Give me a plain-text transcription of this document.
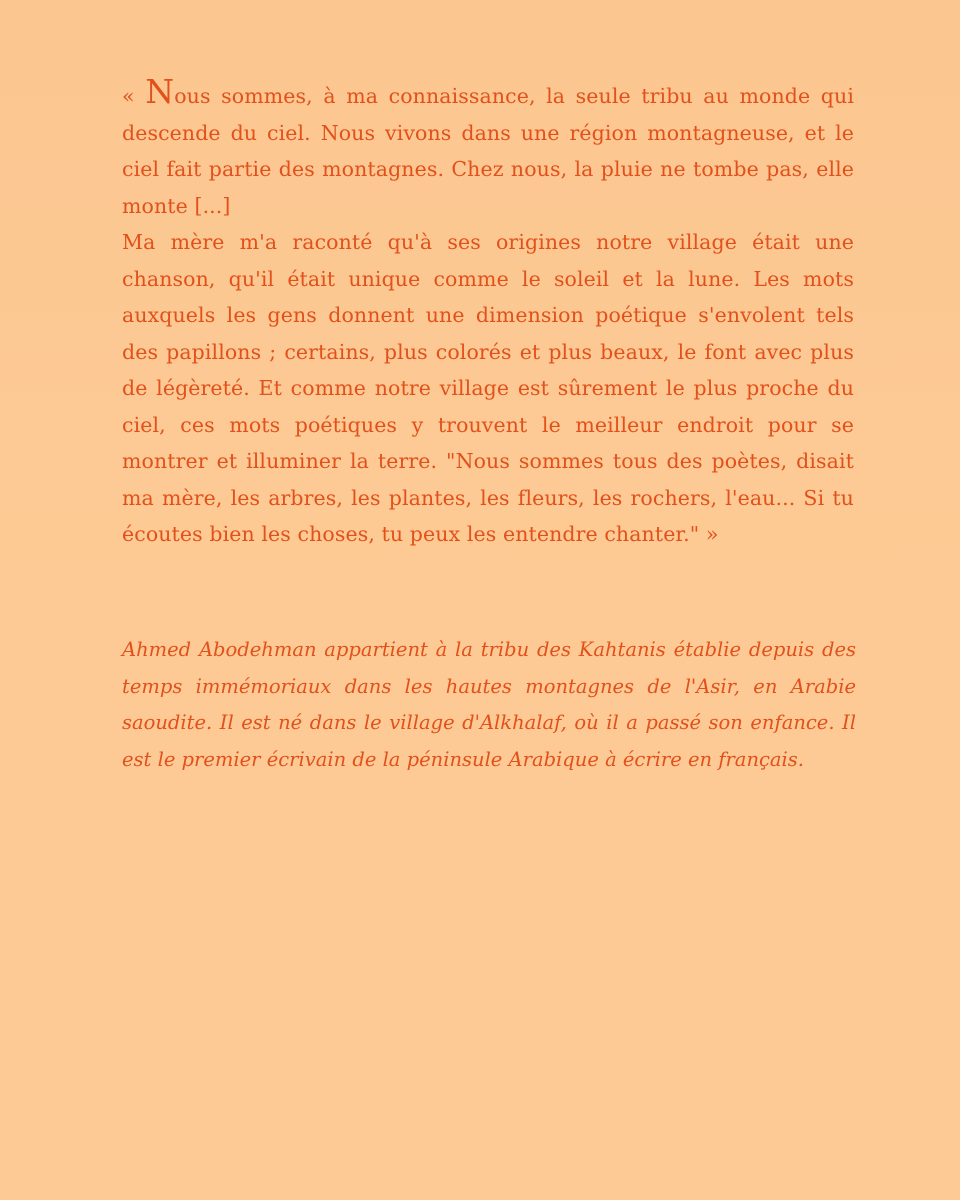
« Nous sommes, à ma connaissance, la seule tribu au monde qui descende du ciel. Nous vivons dans une région montagneuse, et le ciel fait partie des montagnes. Chez nous, la pluie ne tombe pas, elle monte [...]

Ma mère m'a raconté qu'à ses origines notre village était une chanson, qu'il était unique comme le soleil et la lune. Les mots auxquels les gens donnent une dimension poétique s'envolent tels des papillons ; certains, plus colorés et plus beaux, le font avec plus de légèreté. Et comme notre village est sûrement le plus proche du ciel, ces mots poétiques y trouvent le meilleur endroit pour se montrer et illuminer la terre. "Nous sommes tous des poètes, disait ma mère, les arbres, les plantes, les fleurs, les rochers, l'eau... Si tu écoutes bien les choses, tu peux les entendre chanter." »

Ahmed Abodehman appartient à la tribu des Kahtanis établie depuis des temps immémoriaux dans les hautes montagnes de l'Asir, en Arabie saoudite. Il est né dans le village d'Alkhalaf, où il a passé son enfance. Il est le premier écrivain de la péninsule Arabique à écrire en français.
